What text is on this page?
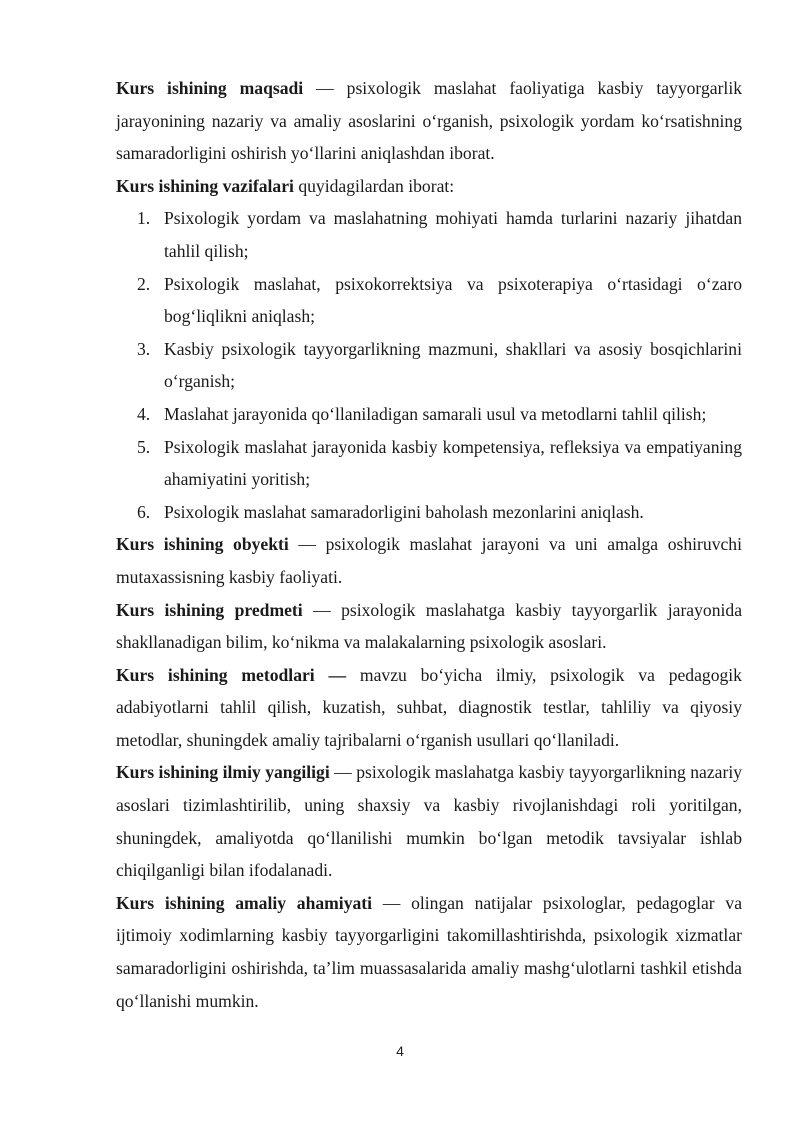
Kurs ishining maqsadi — psixologik maslahat faoliyatiga kasbiy tayyorgarlik jarayonining nazariy va amaliy asoslarini o‘rganish, psixologik yordam ko‘rsatishning samaradorligini oshirish yo‘llarini aniqlashdan iborat.

Kurs ishining vazifalari quyidagilardan iborat:

1. Psixologik yordam va maslahatning mohiyati hamda turlarini nazariy jihatdan tahlil qilish;
2. Psixologik maslahat, psixokorrektsiya va psixoterapiya o‘rtasidagi o‘zaro bog‘liqlikni aniqlash;
3. Kasbiy psixologik tayyorgarlikning mazmuni, shakllari va asosiy bosqichlarini o‘rganish;
4. Maslahat jarayonida qo‘llaniladigan samarali usul va metodlarni tahlil qilish;
5. Psixologik maslahat jarayonida kasbiy kompetensiya, refleksiya va empatiyaning ahamiyatini yoritish;
6. Psixologik maslahat samaradorligini baholash mezonlarini aniqlash.

Kurs ishining obyekti — psixologik maslahat jarayoni va uni amalga oshiruvchi mutaxassisning kasbiy faoliyati.

Kurs ishining predmeti — psixologik maslahatga kasbiy tayyorgarlik jarayonida shakllanadigan bilim, ko‘nikma va malakalarning psixologik asoslari.

Kurs ishining metodlari — mavzu bo‘yicha ilmiy, psixologik va pedagogik adabiyotlarni tahlil qilish, kuzatish, suhbat, diagnostik testlar, tahliliy va qiyosiy metodlar, shuningdek amaliy tajribalarni o‘rganish usullari qo‘llaniladi.

Kurs ishining ilmiy yangiligi — psixologik maslahatga kasbiy tayyorgarlikning nazariy asoslari tizimlashtirilib, uning shaxsiy va kasbiy rivojlanishdagi roli yoritilgan, shuningdek, amaliyotda qo‘llanilishi mumkin bo‘lgan metodik tavsiyalar ishlab chiqilganligi bilan ifodalanadi.

Kurs ishining amaliy ahamiyati — olingan natijalar psixologlar, pedagoglar va ijtimoiy xodimlarning kasbiy tayyorgarligini takomillashtirishda, psixologik xizmatlar samaradorligini oshirishda, ta’lim muassasalarida amaliy mashg‘ulotlarni tashkil etishda qo‘llanishi mumkin.

4
